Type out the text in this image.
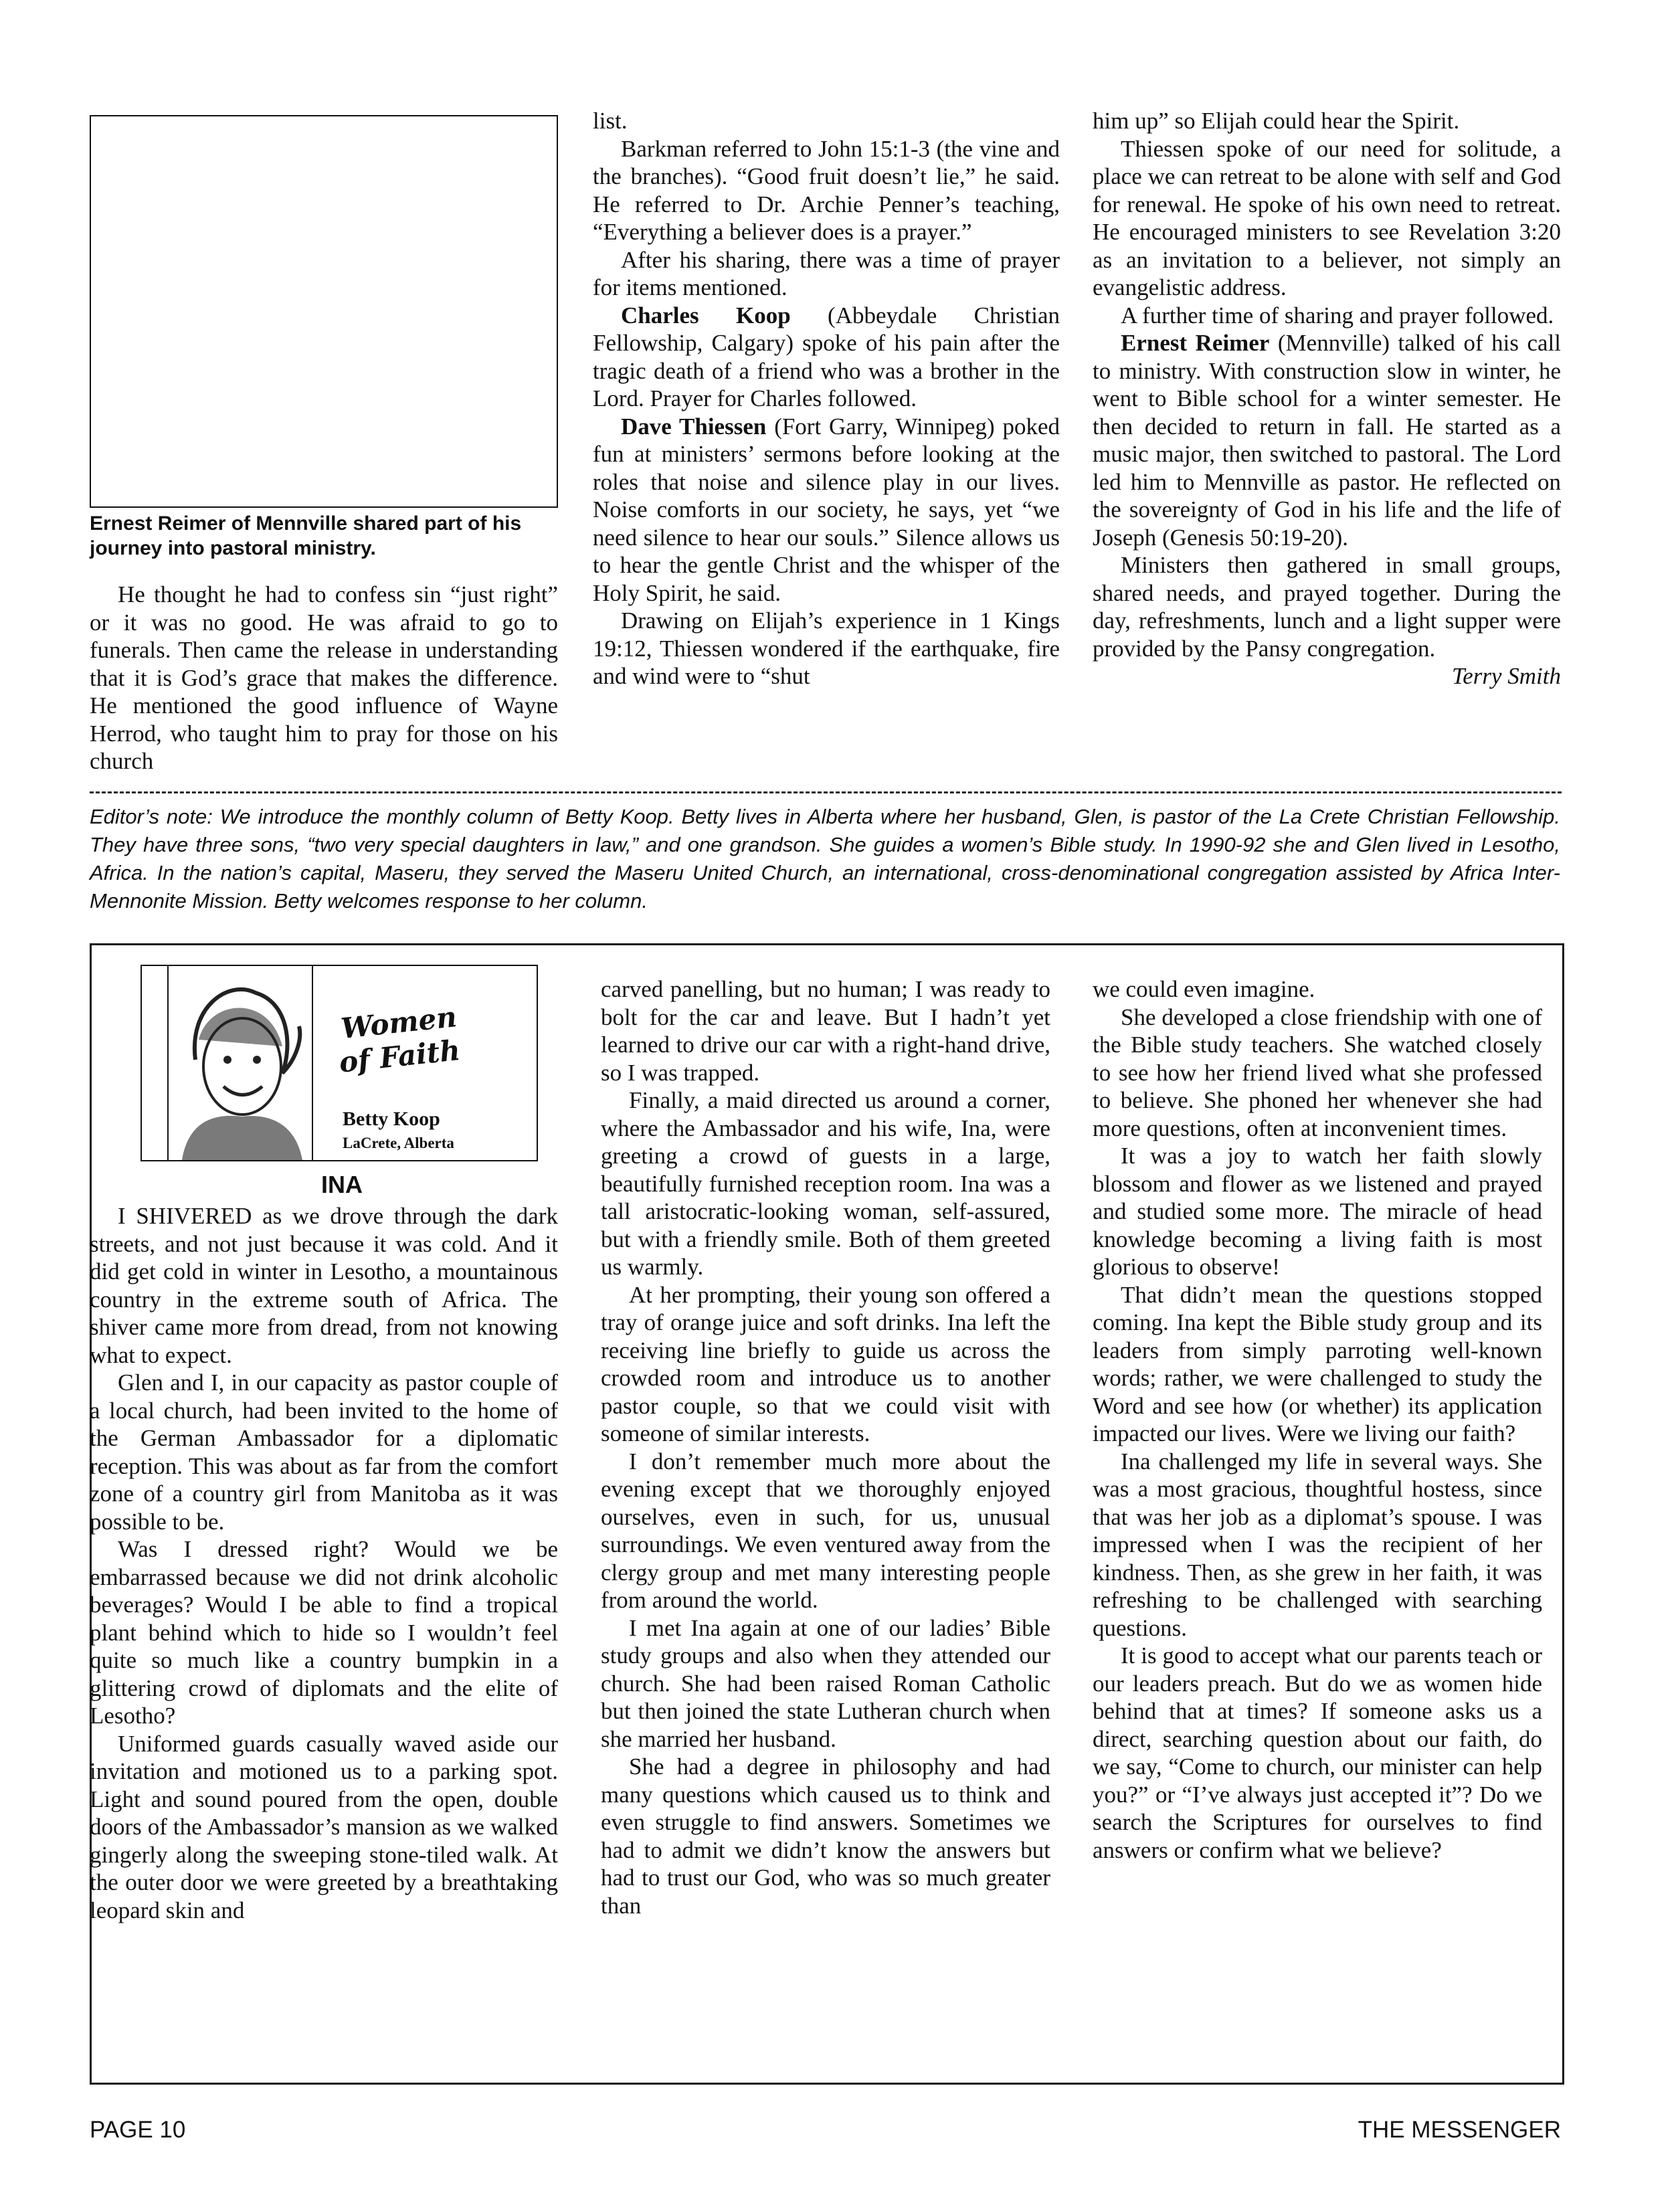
Ernest Reimer of Mennville shared part of his journey into pastoral ministry.

He thought he had to confess sin “just right” or it was no good. He was afraid to go to funerals. Then came the release in understanding that it is God’s grace that makes the difference. He mentioned the good influence of Wayne Herrod, who taught him to pray for those on his church

list.

Barkman referred to John 15:1-3 (the vine and the branches). “Good fruit doesn’t lie,” he said. He referred to Dr. Archie Penner’s teaching, “Everything a believer does is a prayer.”

After his sharing, there was a time of prayer for items mentioned.

Charles Koop (Abbeydale Christian Fellowship, Calgary) spoke of his pain after the tragic death of a friend who was a brother in the Lord. Prayer for Charles followed.

Dave Thiessen (Fort Garry, Winnipeg) poked fun at ministers’ sermons before looking at the roles that noise and silence play in our lives. Noise comforts in our society, he says, yet “we need silence to hear our souls.” Silence allows us to hear the gentle Christ and the whisper of the Holy Spirit, he said.

Drawing on Elijah’s experience in 1 Kings 19:12, Thiessen wondered if the earthquake, fire and wind were to “shut

him up” so Elijah could hear the Spirit.

Thiessen spoke of our need for solitude, a place we can retreat to be alone with self and God for renewal. He spoke of his own need to retreat. He encouraged ministers to see Revelation 3:20 as an invitation to a believer, not simply an evangelistic address.

A further time of sharing and prayer followed.

Ernest Reimer (Mennville) talked of his call to ministry. With construction slow in winter, he went to Bible school for a winter semester. He then decided to return in fall. He started as a music major, then switched to pastoral. The Lord led him to Mennville as pastor. He reflected on the sovereignty of God in his life and the life of Joseph (Genesis 50:19-20).

Ministers then gathered in small groups, shared needs, and prayed together. During the day, refreshments, lunch and a light supper were provided by the Pansy congregation.
Terry Smith

Editor’s note: We introduce the monthly column of Betty Koop. Betty lives in Alberta where her husband, Glen, is pastor of the La Crete Christian Fellowship. They have three sons, “two very special daughters in law,” and one grandson. She guides a women’s Bible study. In 1990-92 she and Glen lived in Lesotho, Africa. In the nation’s capital, Maseru, they served the Maseru United Church, an international, cross-denominational congregation assisted by Africa Inter-Mennonite Mission. Betty welcomes response to her column.
Women
of Faith
Betty Koop
LaCrete, Alberta
INA

I SHIVERED as we drove through the dark streets, and not just because it was cold. And it did get cold in winter in Lesotho, a mountainous country in the extreme south of Africa. The shiver came more from dread, from not knowing what to expect.

Glen and I, in our capacity as pastor couple of a local church, had been invited to the home of the German Ambassador for a diplomatic reception. This was about as far from the comfort zone of a country girl from Manitoba as it was possible to be.

Was I dressed right? Would we be embarrassed because we did not drink alcoholic beverages? Would I be able to find a tropical plant behind which to hide so I wouldn’t feel quite so much like a country bumpkin in a glittering crowd of diplomats and the elite of Lesotho?

Uniformed guards casually waved aside our invitation and motioned us to a parking spot. Light and sound poured from the open, double doors of the Ambassador’s mansion as we walked gingerly along the sweeping stone-tiled walk. At the outer door we were greeted by a breathtaking leopard skin and

carved panelling, but no human; I was ready to bolt for the car and leave. But I hadn’t yet learned to drive our car with a right-hand drive, so I was trapped.

Finally, a maid directed us around a corner, where the Ambassador and his wife, Ina, were greeting a crowd of guests in a large, beautifully furnished reception room. Ina was a tall aristocratic-looking woman, self-assured, but with a friendly smile. Both of them greeted us warmly.

At her prompting, their young son offered a tray of orange juice and soft drinks. Ina left the receiving line briefly to guide us across the crowded room and introduce us to another pastor couple, so that we could visit with someone of similar interests.

I don’t remember much more about the evening except that we thoroughly enjoyed ourselves, even in such, for us, unusual surroundings. We even ventured away from the clergy group and met many interesting people from around the world.

I met Ina again at one of our ladies’ Bible study groups and also when they attended our church. She had been raised Roman Catholic but then joined the state Lutheran church when she married her husband.

She had a degree in philosophy and had many questions which caused us to think and even struggle to find answers. Sometimes we had to admit we didn’t know the answers but had to trust our God, who was so much greater than

we could even imagine.

She developed a close friendship with one of the Bible study teachers. She watched closely to see how her friend lived what she professed to believe. She phoned her whenever she had more questions, often at inconvenient times.

It was a joy to watch her faith slowly blossom and flower as we listened and prayed and studied some more. The miracle of head knowledge becoming a living faith is most glorious to observe!

That didn’t mean the questions stopped coming. Ina kept the Bible study group and its leaders from simply parroting well-known words; rather, we were challenged to study the Word and see how (or whether) its application impacted our lives. Were we living our faith?

Ina challenged my life in several ways. She was a most gracious, thoughtful hostess, since that was her job as a diplomat’s spouse. I was impressed when I was the recipient of her kindness. Then, as she grew in her faith, it was refreshing to be challenged with searching questions.

It is good to accept what our parents teach or our leaders preach. But do we as women hide behind that at times? If someone asks us a direct, searching question about our faith, do we say, “Come to church, our minister can help you?” or “I’ve always just accepted it”? Do we search the Scriptures for ourselves to find answers or confirm what we believe?

PAGE 10	THE MESSENGER
